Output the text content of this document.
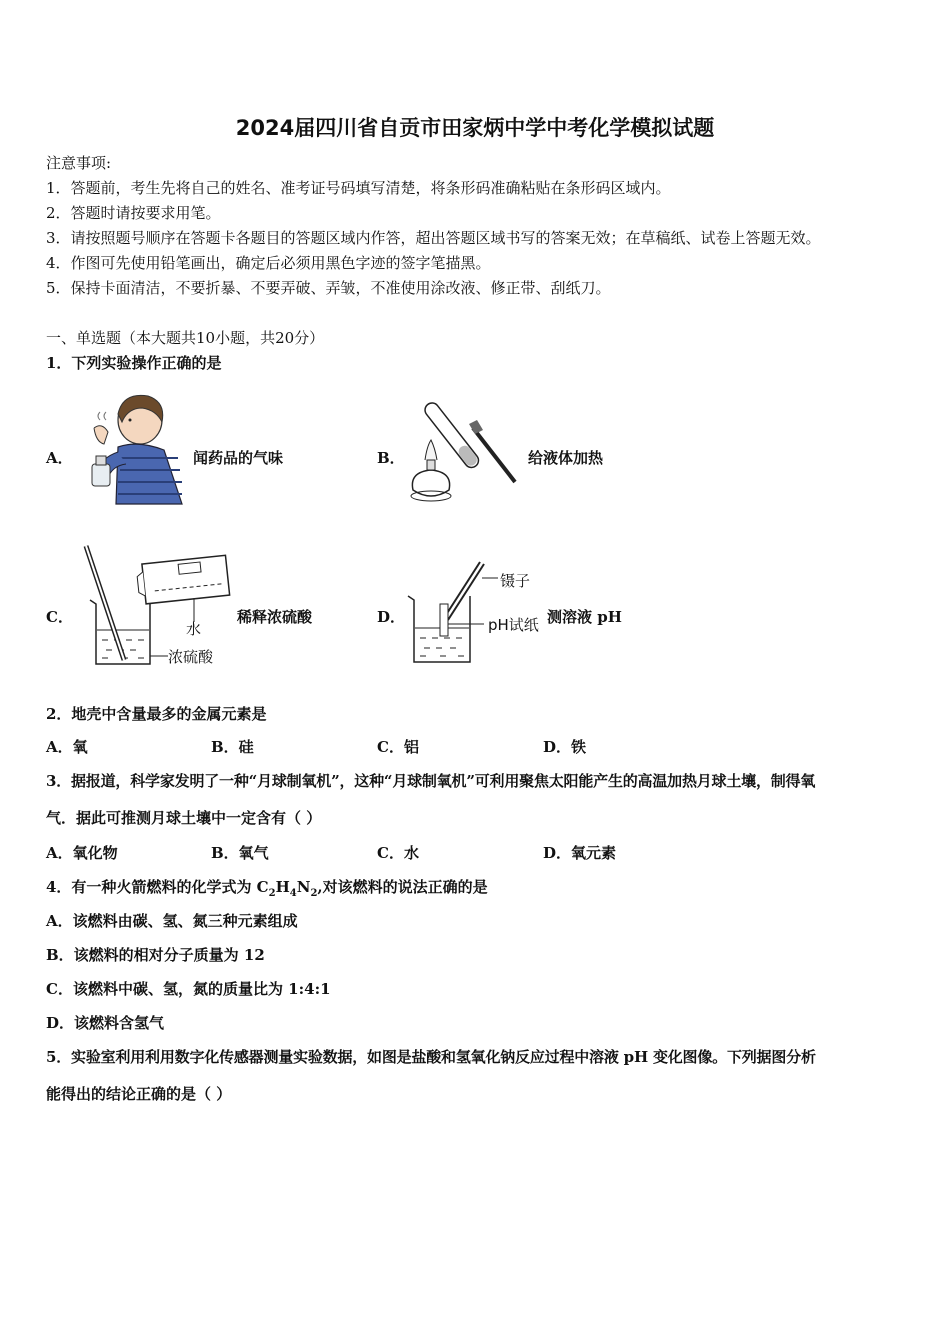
2024届四川省自贡市田家炳中学中考化学模拟试题
注意事项:
1．答题前，考生先将自己的姓名、准考证号码填写清楚，将条形码准确粘贴在条形码区域内。
2．答题时请按要求用笔。
3．请按照题号顺序在答题卡各题目的答题区域内作答，超出答题区域书写的答案无效；在草稿纸、试卷上答题无效。
4．作图可先使用铅笔画出，确定后必须用黑色字迹的签字笔描黑。
5．保持卡面清洁，不要折暴、不要弄破、弄皱，不准使用涂改液、修正带、刮纸刀。
一、单选题（本大题共10小题，共20分）
1．下列实验操作正确的是
A．	闻药品的气味	B．	给液体加热
C．
水
浓硫酸
稀释浓硫酸	D．
镊子
pH试纸 测溶液 pH
2．地壳中含量最多的金属元素是
A．氧	B．硅	C．铝	D．铁
3．据报道，科学家发明了一种“月球制氧机”，这种“月球制氧机”可利用聚焦太阳能产生的高温加热月球土壤，制得氧
气．据此可推测月球土壤中一定含有（ ）
A．氧化物	B．氧气	C．水	D．氧元素
4．有一种火箭燃料的化学式为 $C_2H_4N_2$,对该燃料的说法正确的是
A．该燃料由碳、氢、氮三种元素组成
B．该燃料的相对分子质量为 12
C．该燃料中碳、氢，氮的质量比为 1:4:1
D．该燃料含氢气
5．实验室利用利用数字化传感器测量实验数据，如图是盐酸和氢氧化钠反应过程中溶液 pH 变化图像。下列据图分析
能得出的结论正确的是（ ）
